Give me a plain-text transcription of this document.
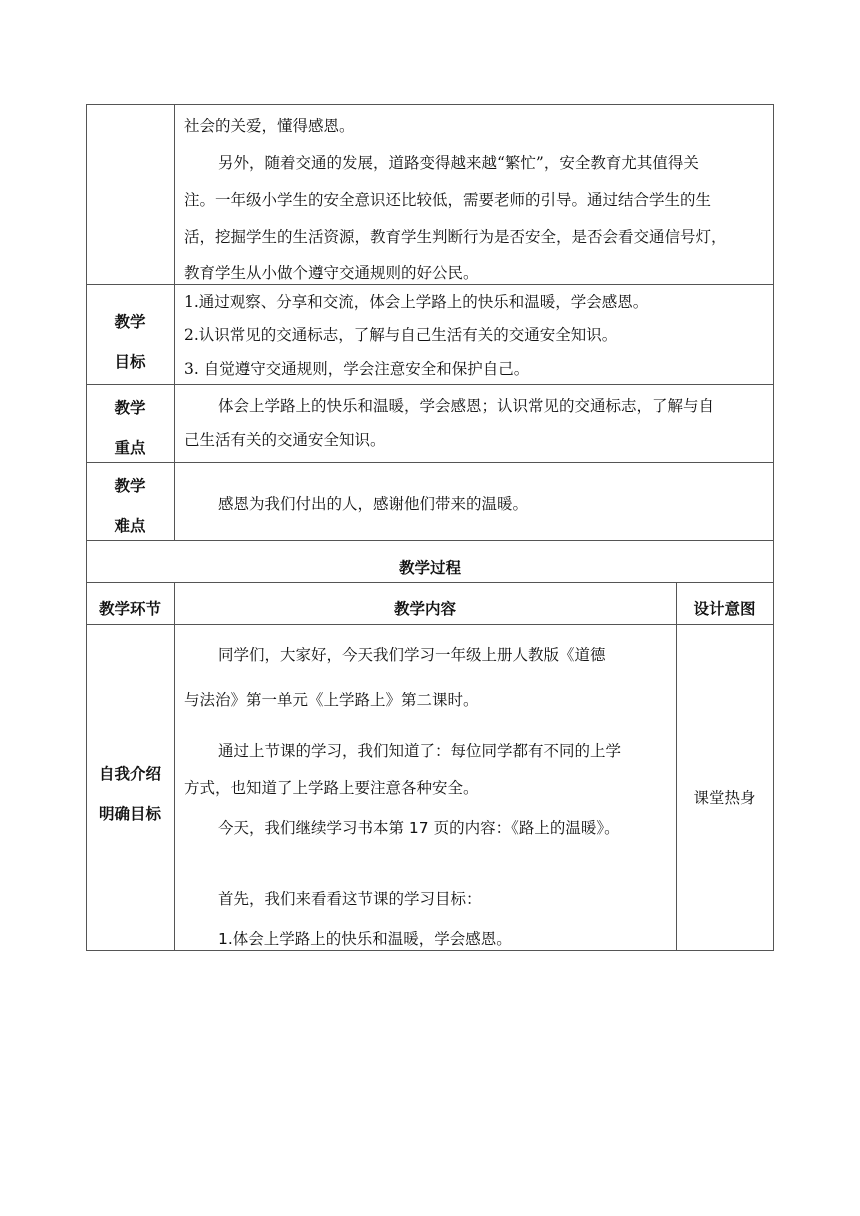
社会的关爱，懂得感恩。
另外，随着交通的发展，道路变得越来越“繁忙”，安全教育尤其值得关
注。一年级小学生的安全意识还比较低，需要老师的引导。通过结合学生的生
活，挖掘学生的生活资源，教育学生判断行为是否安全，是否会看交通信号灯，
教育学生从小做个遵守交通规则的好公民。
教学
目标
1.通过观察、分享和交流，体会上学路上的快乐和温暖，学会感恩。
2.认识常见的交通标志，了解与自己生活有关的交通安全知识。
3. 自觉遵守交通规则，学会注意安全和保护自己。
教学
重点
体会上学路上的快乐和温暖，学会感恩；认识常见的交通标志，了解与自
己生活有关的交通安全知识。
教学
难点
感恩为我们付出的人，感谢他们带来的温暖。
教学过程
教学环节	教学内容	设计意图
自我介绍
明确目标
同学们，大家好，今天我们学习一年级上册人教版《道德
与法治》第一单元《上学路上》第二课时。
通过上节课的学习，我们知道了：每位同学都有不同的上学
方式，也知道了上学路上要注意各种安全。
今天，我们继续学习书本第 17 页的内容：《路上的温暖》。
首先，我们来看看这节课的学习目标：
1.体会上学路上的快乐和温暖，学会感恩。
课堂热身
